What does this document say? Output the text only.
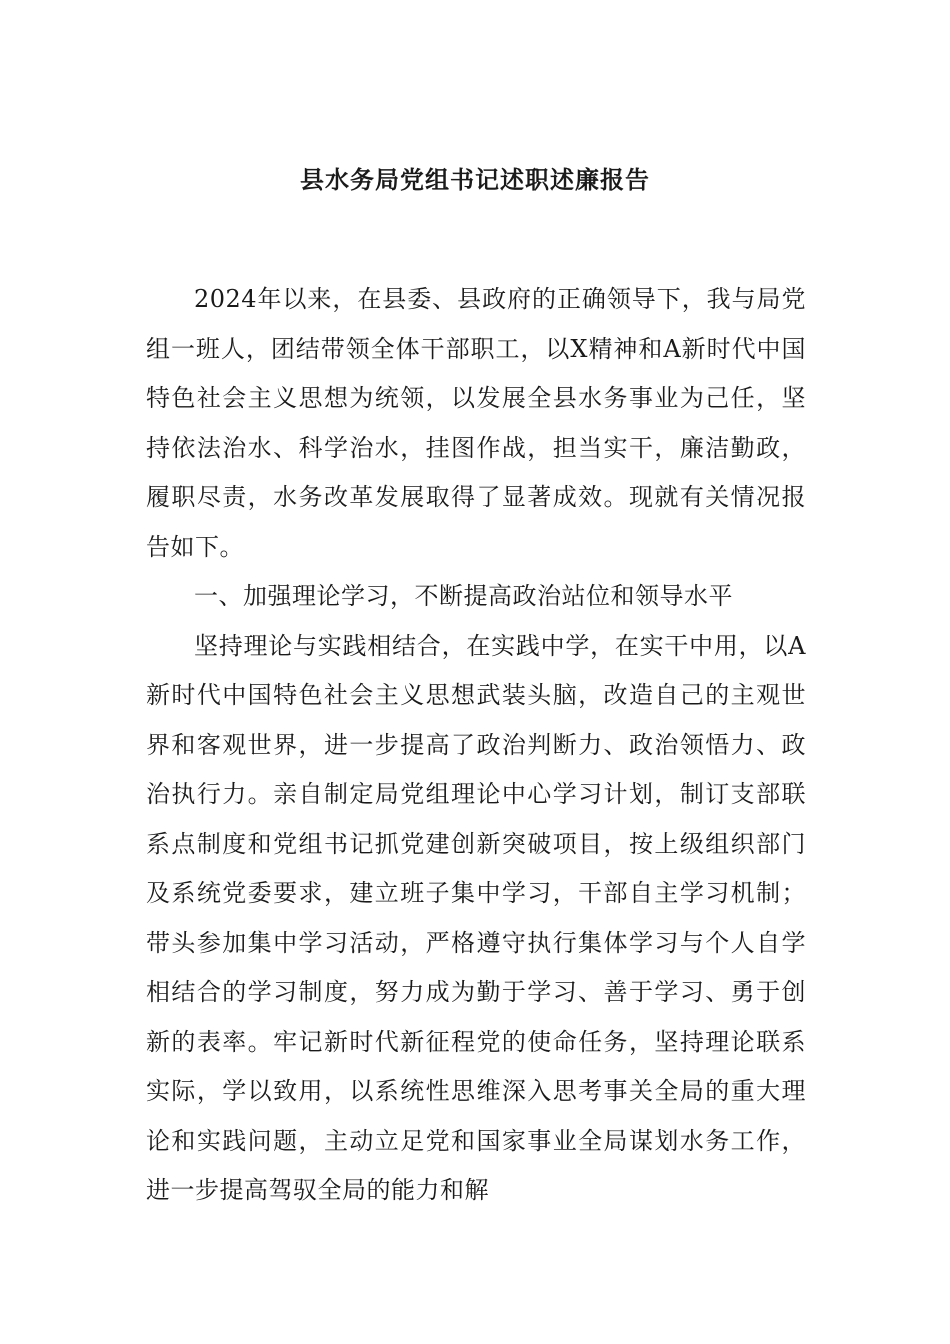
县水务局党组书记述职述廉报告

2024年以来，在县委、县政府的正确领导下，我与局党组一班人，团结带领全体干部职工，以X精神和A新时代中国特色社会主义思想为统领，以发展全县水务事业为己任，坚持依法治水、科学治水，挂图作战，担当实干，廉洁勤政，履职尽责，水务改革发展取得了显著成效。现就有关情况报告如下。

一、加强理论学习，不断提高政治站位和领导水平

坚持理论与实践相结合，在实践中学，在实干中用，以A新时代中国特色社会主义思想武装头脑，改造自己的主观世界和客观世界，进一步提高了政治判断力、政治领悟力、政治执行力。亲自制定局党组理论中心学习计划，制订支部联系点制度和党组书记抓党建创新突破项目，按上级组织部门及系统党委要求，建立班子集中学习，干部自主学习机制；带头参加集中学习活动，严格遵守执行集体学习与个人自学相结合的学习制度，努力成为勤于学习、善于学习、勇于创新的表率。牢记新时代新征程党的使命任务，坚持理论联系实际，学以致用，以系统性思维深入思考事关全局的重大理论和实践问题，主动立足党和国家事业全局谋划水务工作，进一步提高驾驭全局的能力和解
